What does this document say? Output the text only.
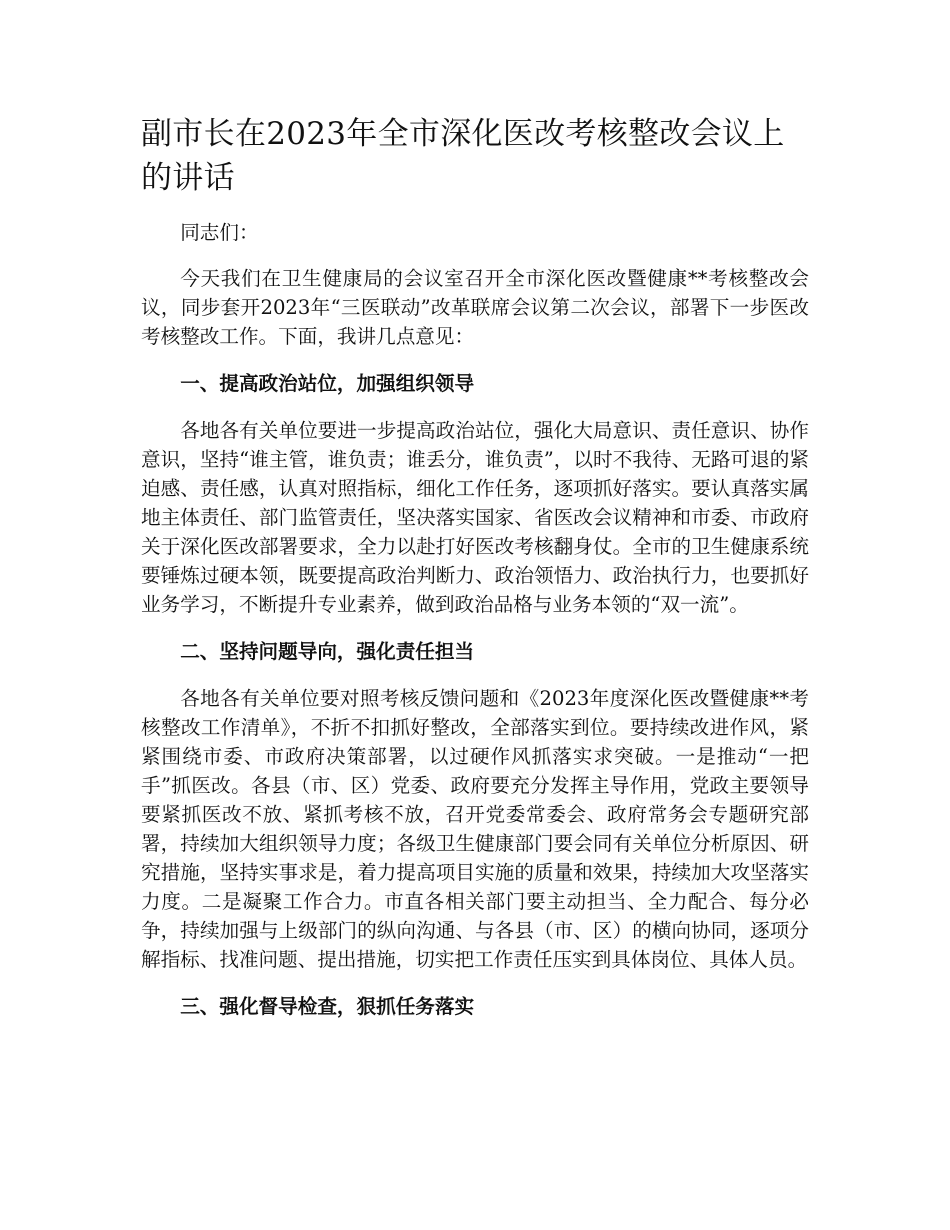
副市长在2023年全市深化医改考核整改会议上的讲话

同志们：

今天我们在卫生健康局的会议室召开全市深化医改暨健康**考核整改会议，同步套开2023年“三医联动”改革联席会议第二次会议，部署下一步医改考核整改工作。下面，我讲几点意见：

一、提高政治站位，加强组织领导

各地各有关单位要进一步提高政治站位，强化大局意识、责任意识、协作意识，坚持“谁主管，谁负责；谁丢分，谁负责”，以时不我待、无路可退的紧迫感、责任感，认真对照指标，细化工作任务，逐项抓好落实。要认真落实属地主体责任、部门监管责任，坚决落实国家、省医改会议精神和市委、市政府关于深化医改部署要求，全力以赴打好医改考核翻身仗。全市的卫生健康系统要锤炼过硬本领，既要提高政治判断力、政治领悟力、政治执行力，也要抓好业务学习，不断提升专业素养，做到政治品格与业务本领的“双一流”。

二、坚持问题导向，强化责任担当

各地各有关单位要对照考核反馈问题和《2023年度深化医改暨健康**考核整改工作清单》，不折不扣抓好整改，全部落实到位。要持续改进作风，紧紧围绕市委、市政府决策部署，以过硬作风抓落实求突破。一是推动“一把手”抓医改。各县（市、区）党委、政府要充分发挥主导作用，党政主要领导要紧抓医改不放、紧抓考核不放，召开党委常委会、政府常务会专题研究部署，持续加大组织领导力度；各级卫生健康部门要会同有关单位分析原因、研究措施，坚持实事求是，着力提高项目实施的质量和效果，持续加大攻坚落实力度。二是凝聚工作合力。市直各相关部门要主动担当、全力配合、每分必争，持续加强与上级部门的纵向沟通、与各县（市、区）的横向协同，逐项分解指标、找准问题、提出措施，切实把工作责任压实到具体岗位、具体人员。

三、强化督导检查，狠抓任务落实
